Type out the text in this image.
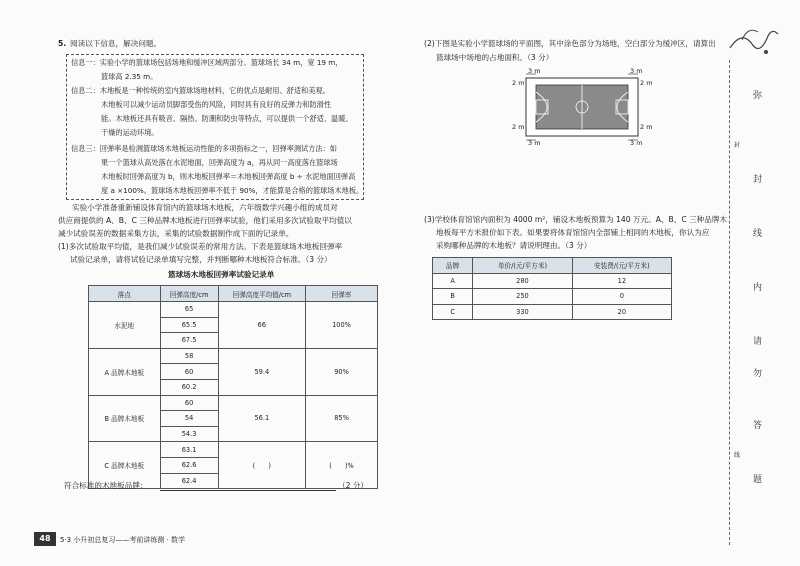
5. 阅读以下信息，解决问题。
信息一：实验小学的篮球场包括场地和缓冲区域两部分。篮球场长 34 m，宽 19 m，
篮球高 2.35 m。
信息二：木地板是一种传统的室内篮球场地材料，它的优点是耐用、舒适和美观。
木地板可以减少运动员脚部受伤的风险，同时具有良好的反弹力和防滑性
能。木地板还具有吸音、隔热、防潮和防虫等特点，可以提供一个舒适、温暖、
干燥的运动环境。
信息三：回弹率是检测篮球场木地板运动性能的多项指标之一，回弹率测试方法：如
果一个篮球从高处落在水泥地面，回弹高度为 a，再从同一高度落在篮球场
木地板时回弹高度为 b，则木地板回弹率＝木地板回弹高度 b ÷ 水泥地面回弹高
度 a ×100%。篮球场木地板回弹率不低于 90%，才能算是合格的篮球场木地板。
实验小学准备重新铺设体育馆内的篮球场木地板，六年级数学兴趣小组的成员对
供应商提供的 A、B、C 三种品牌木地板进行回弹率试验，他们采用多次试验取平均值以
减少试验误差的数据采集方法，采集的试验数据制作成下面的记录单。
(1)多次试验取平均值，是我们减少试验误差的常用方法。下表是篮球场木地板回弹率
试验记录单，请将试验记录单填写完整，并判断哪种木地板符合标准。（3 分）
篮球场木地板回弹率试验记录单
落点	回弹高度/cm	回弹高度平均值/cm	回弹率
水泥地	65	66	100%
	65.5		
	67.5		
A 品牌木地板	58	59.4	90%
	60		
	60.2		
B 品牌木地板	60	56.1	85%
	54		
	54.3		
C 品牌木地板	63.1	(　　)	(　　)%
	62.6		
	62.4		
符合标准的木地板品牌：	（2 分）
(2)下图是实验小学篮球场的平面图，其中涂色部分为场地，空白部分为缓冲区，请算出
篮球场中场地的占地面积。（3 分）
3 m	3 m
3 m	3 m
2 m	2 m
2 m	2 m
(3)学校体育馆馆内面积为 4000 m²，铺设木地板预算为 140 万元。A、B、C 三种品牌木
地板每平方米报价如下表。如果要将体育馆馆内全部铺上相同的木地板，你认为应
采购哪种品牌的木地板？请说明理由。（3 分）
品牌	单价/(元/平方米)	安装费/(元/平方米)
A	280	12
B	250	0
C	330	20
弥
封
线
内
请
勿
答
题
封
线
48	5·3 小升初总复习——考前讲练测 · 数学
